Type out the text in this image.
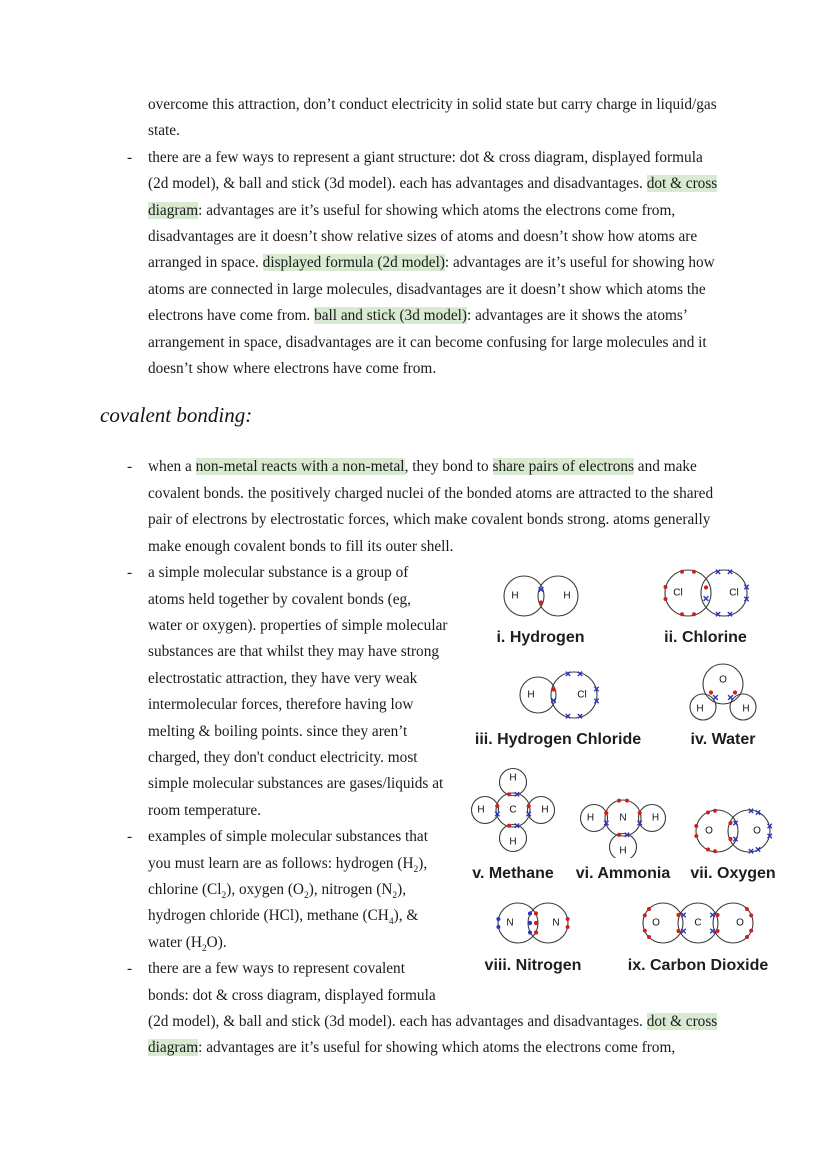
overcome this attraction, don’t conduct electricity in solid state but carry charge in liquid/gas state.
- there are a few ways to represent a giant structure: dot & cross diagram, displayed formula (2d model), & ball and stick (3d model). each has advantages and disadvantages. dot & cross diagram: advantages are it’s useful for showing which atoms the electrons come from, disadvantages are it doesn’t show relative sizes of atoms and doesn’t show how atoms are arranged in space. displayed formula (2d model): advantages are it’s useful for showing how atoms are connected in large molecules, disadvantages are it doesn’t show which atoms the electrons have come from. ball and stick (3d model): advantages are it shows the atoms’ arrangement in space, disadvantages are it can become confusing for large molecules and it doesn’t show where electrons have come from.
covalent bonding:
- when a non-metal reacts with a non-metal, they bond to share pairs of electrons and make covalent bonds. the positively charged nuclei of the bonded atoms are attracted to the shared pair of electrons by electrostatic forces, which make covalent bonds strong. atoms generally make enough covalent bonds to fill its outer shell.
H	H
i. Hydrogen
Cl	Cl
ii. Chlorine
H	Cl
iii. Hydrogen Chloride
O
H	H
iv. Water
C
H
H
H	H
v. Methane
N
H	H
H
vi. Ammonia
O	O
vii. Oxygen
N	N
viii. Nitrogen
O	C	O
ix. Carbon Dioxide
- a simple molecular substance is a group of atoms held together by covalent bonds (eg, water or oxygen). properties of simple molecular substances are that whilst they may have strong electrostatic attraction, they have very weak intermolecular forces, therefore having low melting & boiling points. since they aren’t charged, they don't conduct electricity. most simple molecular substances are gases/liquids at room temperature.
- examples of simple molecular substances that you must learn are as follows: hydrogen $(H_2)$, chlorine $(Cl_2)$, oxygen $(O_2)$, nitrogen $(N_2)$, hydrogen chloride (HCl), methane $(CH_4)$, & water $(H_2O)$.
- there are a few ways to represent covalent bonds: dot & cross diagram, displayed formula (2d model), & ball and stick (3d model). each has advantages and disadvantages. dot & cross diagram: advantages are it’s useful for showing which atoms the electrons come from,
